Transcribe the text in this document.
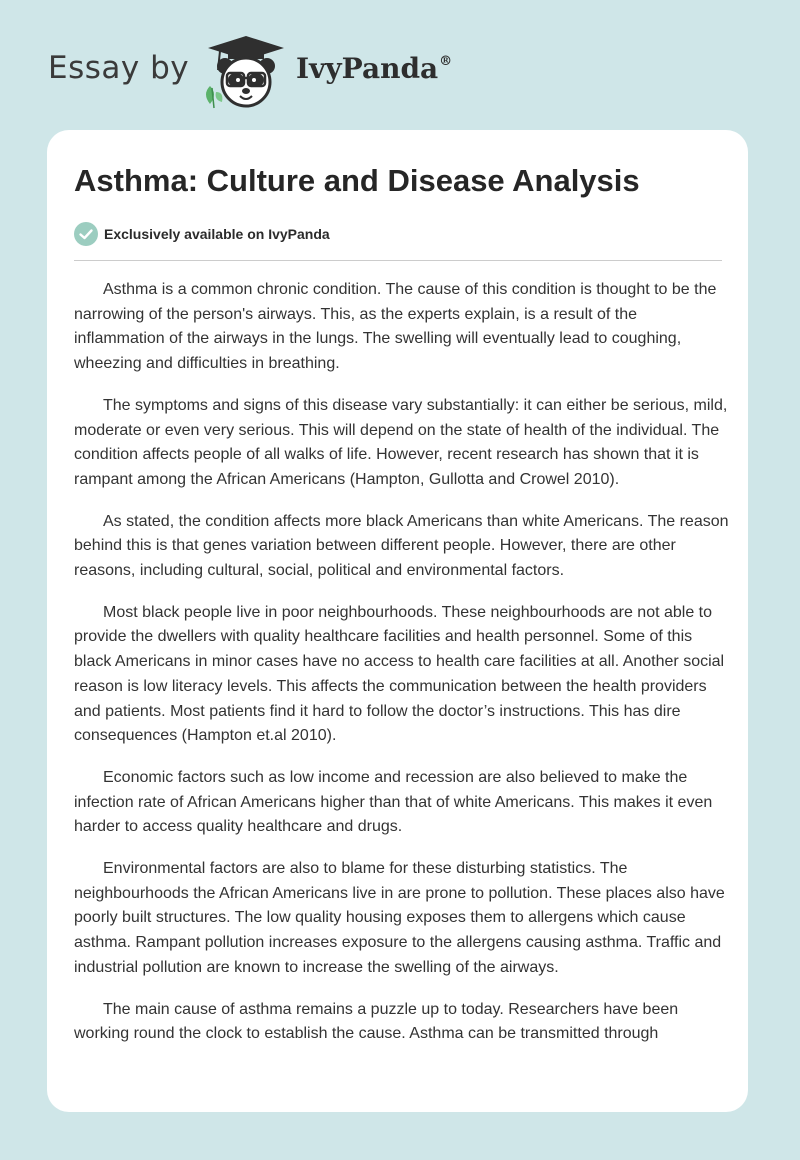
Essay by	IvyPanda®
Asthma: Culture and Disease Analysis
Exclusively available on IvyPanda

Asthma is a common chronic condition. The cause of this condition is thought to be the narrowing of the person's airways. This, as the experts explain, is a result of the inflammation of the airways in the lungs. The swelling will eventually lead to coughing, wheezing and difficulties in breathing.

The symptoms and signs of this disease vary substantially: it can either be serious, mild, moderate or even very serious. This will depend on the state of health of the individual. The condition affects people of all walks of life. However, recent research has shown that it is rampant among the African Americans (Hampton, Gullotta and Crowel 2010).

As stated, the condition affects more black Americans than white Americans. The reason behind this is that genes variation between different people. However, there are other reasons, including cultural, social, political and environmental factors.

Most black people live in poor neighbourhoods. These neighbourhoods are not able to provide the dwellers with quality healthcare facilities and health personnel. Some of this black Americans in minor cases have no access to health care facilities at all. Another social reason is low literacy levels. This affects the communication between the health providers and patients. Most patients find it hard to follow the doctor’s instructions. This has dire consequences (Hampton et.al 2010).

Economic factors such as low income and recession are also believed to make the infection rate of African Americans higher than that of white Americans. This makes it even harder to access quality healthcare and drugs.

Environmental factors are also to blame for these disturbing statistics. The neighbourhoods the African Americans live in are prone to pollution. These places also have poorly built structures. The low quality housing exposes them to allergens which cause asthma. Rampant pollution increases exposure to the allergens causing asthma. Traffic and industrial pollution are known to increase the swelling of the airways.

The main cause of asthma remains a puzzle up to today. Researchers have been working round the clock to establish the cause. Asthma can be transmitted through
